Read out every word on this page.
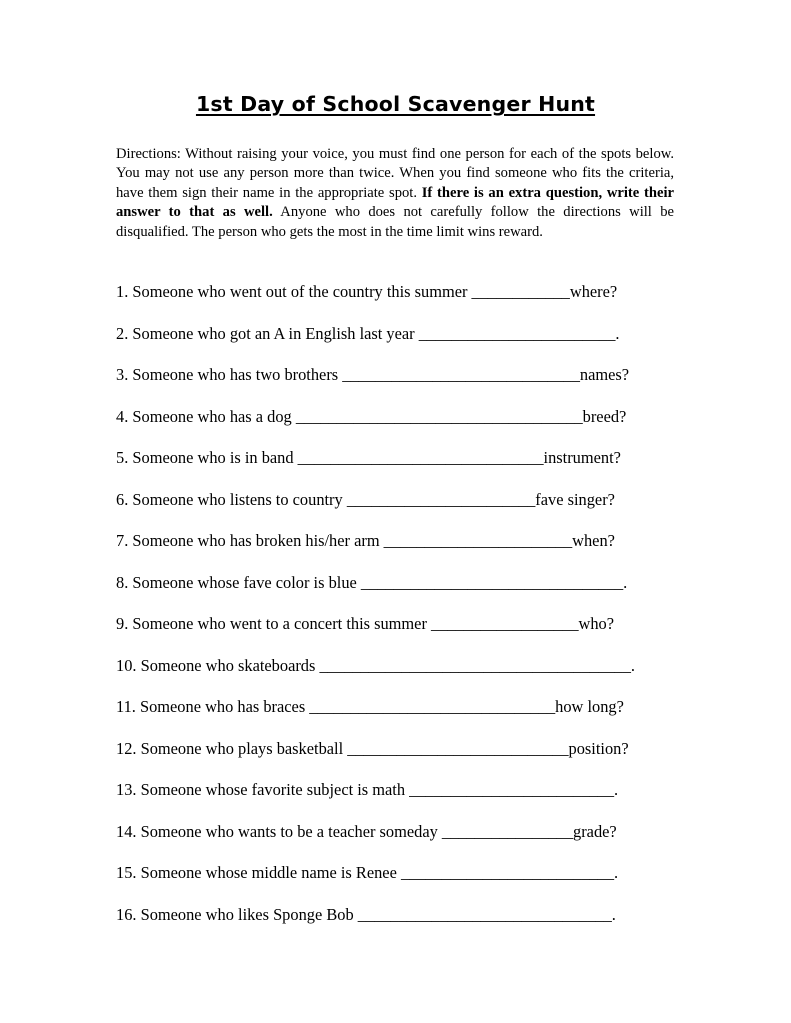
1st Day of School Scavenger Hunt

Directions: Without raising your voice, you must find one person for each of the spots below. You may not use any person more than twice. When you find someone who fits the criteria, have them sign their name in the appropriate spot. If there is an extra question, write their answer to that as well. Anyone who does not carefully follow the directions will be disqualified. The person who gets the most in the time limit wins reward.

1. Someone who went out of the country this summer ____________where?

2. Someone who got an A in English last year ________________________.

3. Someone who has two brothers _____________________________names?

4. Someone who has a dog ___________________________________breed?

5. Someone who is in band ______________________________instrument?

6. Someone who listens to country _______________________fave singer?

7. Someone who has broken his/her arm _______________________when?

8. Someone whose fave color is blue ________________________________.

9. Someone who went to a concert this summer __________________who?

10. Someone who skateboards ______________________________________.

11. Someone who has braces ______________________________how long?

12. Someone who plays basketball ___________________________position?

13. Someone whose favorite subject is math _________________________.

14. Someone who wants to be a teacher someday ________________grade?

15. Someone whose middle name is Renee __________________________.

16. Someone who likes Sponge Bob _______________________________.
